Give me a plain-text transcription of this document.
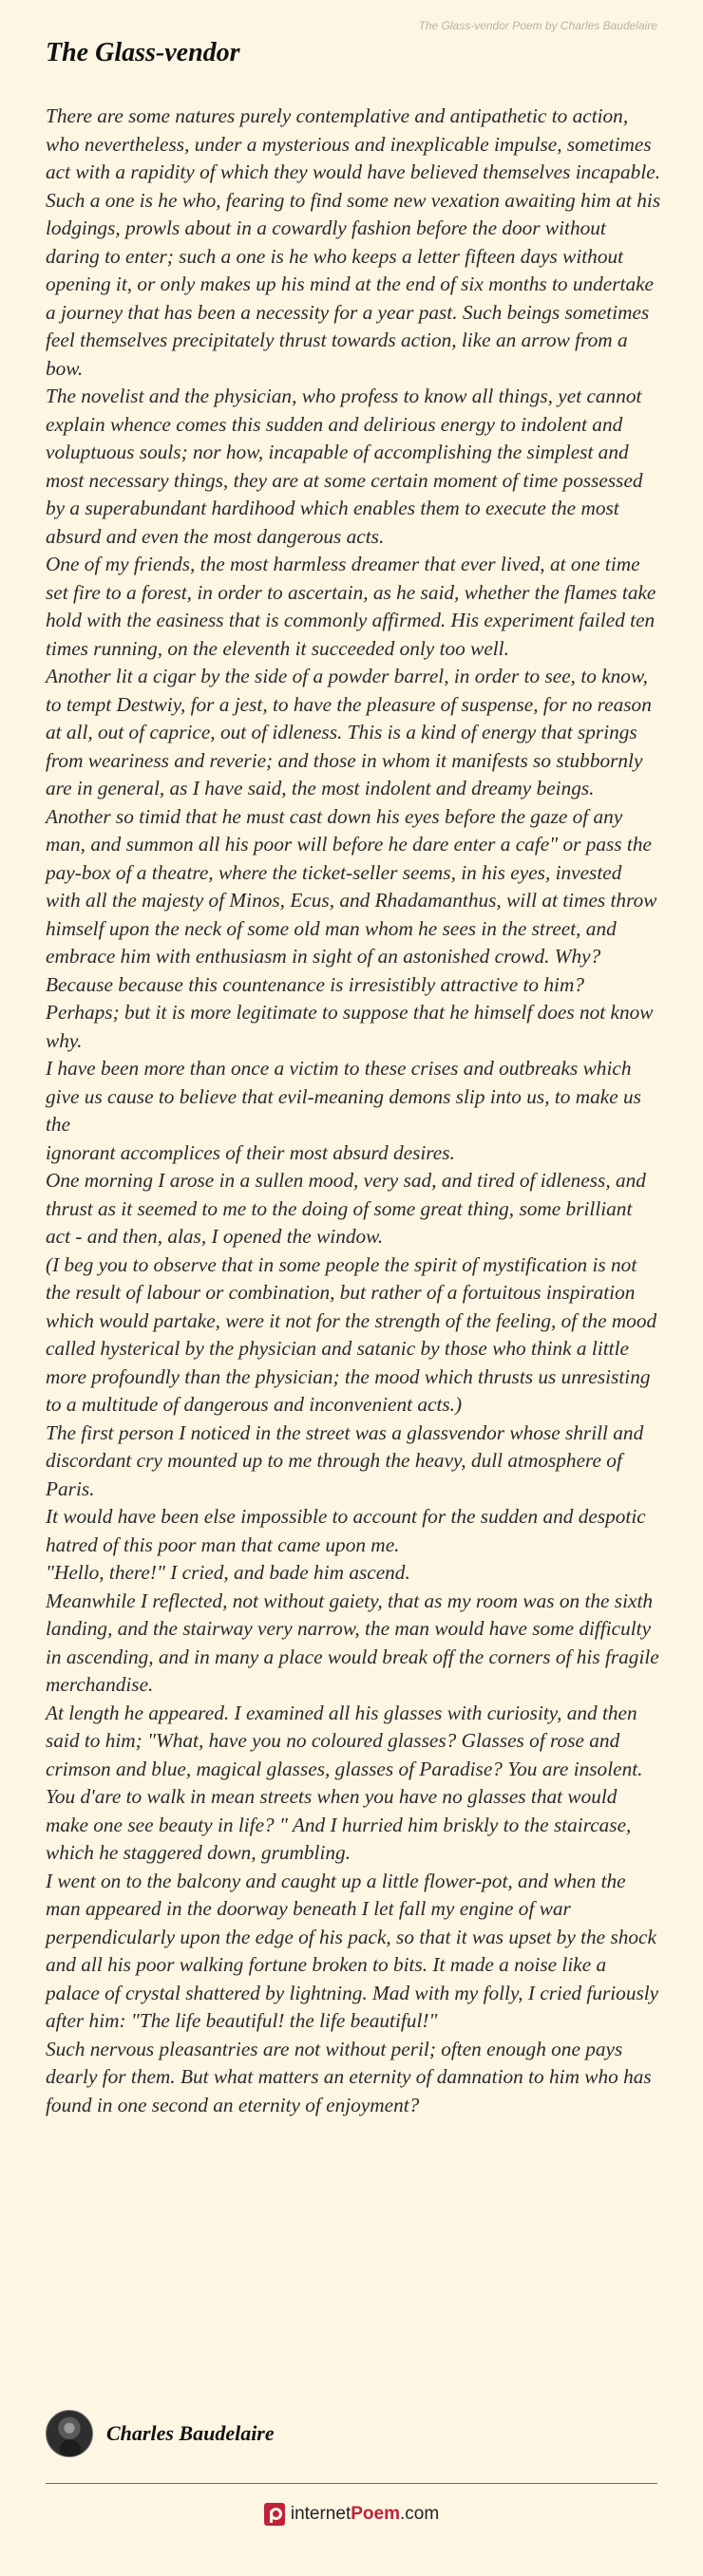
The Glass-vendor Poem by Charles Baudelaire
The Glass-vendor

There are some natures purely contemplative and antipathetic to action, who nevertheless, under a mysterious and inexplicable impulse, sometimes act with a rapidity of which they would have believed themselves incapable. Such a one is he who, fearing to find some new vexation awaiting him at his lodgings, prowls about in a cowardly fashion before the door without daring to enter; such a one is he who keeps a letter fifteen days without opening it, or only makes up his mind at the end of six months to undertake a journey that has been a necessity for a year past. Such beings sometimes feel themselves precipitately thrust towards action, like an arrow from a bow.

The novelist and the physician, who profess to know all things, yet cannot explain whence comes this sudden and delirious energy to indolent and voluptuous souls; nor how, incapable of accomplishing the simplest and most necessary things, they are at some certain moment of time possessed by a superabundant hardihood which enables them to execute the most absurd and even the most dangerous acts.

One of my friends, the most harmless dreamer that ever lived, at one time set fire to a forest, in order to ascertain, as he said, whether the flames take hold with the easiness that is commonly affirmed. His experiment failed ten times running, on the eleventh it succeeded only too well.

Another lit a cigar by the side of a powder barrel, in order to see, to know, to tempt Destwiy, for a jest, to have the pleasure of suspense, for no reason at all, out of caprice, out of idleness. This is a kind of energy that springs from weariness and reverie; and those in whom it manifests so stubbornly are in general, as I have said, the most indolent and dreamy beings.

Another so timid that he must cast down his eyes before the gaze of any man, and summon all his poor will before he dare enter a cafe" or pass the pay-box of a theatre, where the ticket-seller seems, in his eyes, invested with all the majesty of Minos, Ecus, and Rhadamanthus, will at times throw himself upon the neck of some old man whom he sees in the street, and embrace him with enthusiasm in sight of an astonished crowd. Why? Because because this countenance is irresistibly attractive to him? Perhaps; but it is more legitimate to suppose that he himself does not know why.

I have been more than once a victim to these crises and outbreaks which give us cause to believe that evil-meaning demons slip into us, to make us the

ignorant accomplices of their most absurd desires.

One morning I arose in a sullen mood, very sad, and tired of idleness, and thrust as it seemed to me to the doing of some great thing, some brilliant act - and then, alas, I opened the window.

(I beg you to observe that in some people the spirit of mystification is not the result of labour or combination, but rather of a fortuitous inspiration which would partake, were it not for the strength of the feeling, of the mood called hysterical by the physician and satanic by those who think a little more profoundly than the physician; the mood which thrusts us unresisting to a multitude of dangerous and inconvenient acts.)

The first person I noticed in the street was a glassvendor whose shrill and discordant cry mounted up to me through the heavy, dull atmosphere of Paris.

It would have been else impossible to account for the sudden and despotic hatred of this poor man that came upon me.

"Hello, there!" I cried, and bade him ascend.

Meanwhile I reflected, not without gaiety, that as my room was on the sixth landing, and the stairway very narrow, the man would have some difficulty in ascending, and in many a place would break off the corners of his fragile merchandise.

At length he appeared. I examined all his glasses with curiosity, and then said to him; "What, have you no coloured glasses? Glasses of rose and crimson and blue, magical glasses, glasses of Paradise? You are insolent. You d'are to walk in mean streets when you have no glasses that would make one see beauty in life? " And I hurried him briskly to the staircase, which he staggered down, grumbling.

I went on to the balcony and caught up a little flower-pot, and when the man appeared in the doorway beneath I let fall my engine of war perpendicularly upon the edge of his pack, so that it was upset by the shock and all his poor walking fortune broken to bits. It made a noise like a palace of crystal shattered by lightning. Mad with my folly, I cried furiously after him: "The life beautiful! the life beautiful!"

Such nervous pleasantries are not without peril; often enough one pays dearly for them. But what matters an eternity of damnation to him who has found in one second an eternity of enjoyment?

Charles Baudelaire
internetPoem.com
